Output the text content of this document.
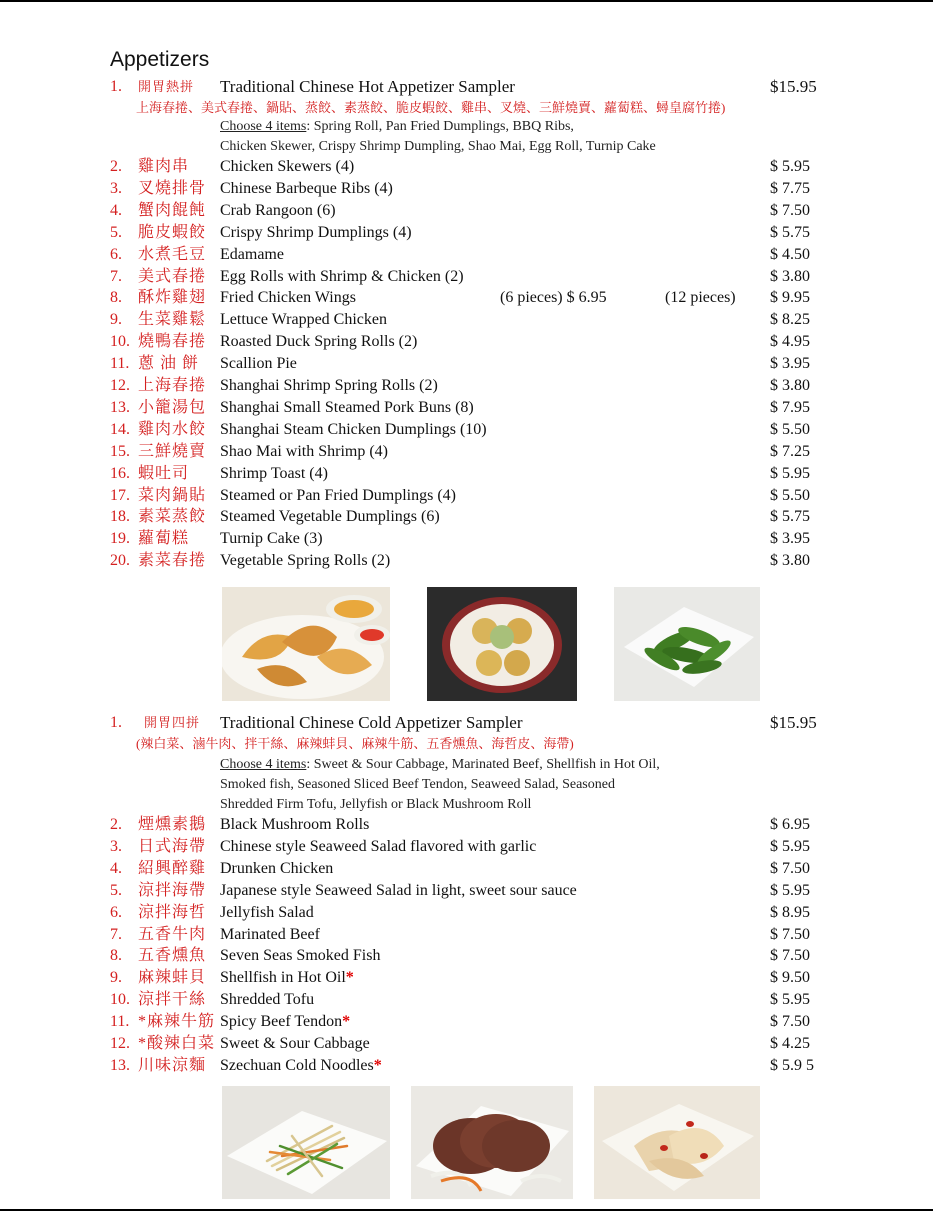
Appetizers
1. 開胃熱拼 Traditional Chinese Hot Appetizer Sampler	$15.95
上海春捲、美式春捲、鍋貼、蒸餃、素蒸餃、脆皮蝦餃、雞串、叉燒、三鮮燒賣、蘿蔔糕、蟳皇腐竹捲)
Choose 4 items: Spring Roll, Pan Fried Dumplings, BBQ Ribs,
Chicken Skewer, Crispy Shrimp Dumpling, Shao Mai, Egg Roll, Turnip Cake
2. 雞肉串 Chicken Skewers (4)	$ 5.95
3. 叉燒排骨 Chinese Barbeque Ribs (4)	$ 7.75
4. 蟹肉餛飩 Crab Rangoon (6)	$ 7.50
5. 脆皮蝦餃 Crispy Shrimp Dumplings (4)	$ 5.75
6. 水煮毛豆 Edamame	$ 4.50
7. 美式春捲 Egg Rolls with Shrimp & Chicken (2)	$ 3.80
8. 酥炸雞翅 Fried Chicken Wings	(6 pieces) $ 6.95	(12 pieces) $ 9.95
9. 生菜雞鬆 Lettuce Wrapped Chicken	$ 8.25
10. 燒鴨春捲 Roasted Duck Spring Rolls (2)	$ 4.95
11. 蔥 油 餅 Scallion Pie	$ 3.95
12. 上海春捲 Shanghai Shrimp Spring Rolls (2)	$ 3.80
13. 小籠湯包 Shanghai Small Steamed Pork Buns (8)	$ 7.95
14. 雞肉水餃 Shanghai Steam Chicken Dumplings (10)	$ 5.50
15. 三鮮燒賣 Shao Mai with Shrimp (4)	$ 7.25
16. 蝦吐司 Shrimp Toast (4)	$ 5.95
17. 菜肉鍋貼 Steamed or Pan Fried Dumplings (4)	$ 5.50
18. 素菜蒸餃 Steamed Vegetable Dumplings (6)	$ 5.75
19. 蘿蔔糕 Turnip Cake (3)	$ 3.95
20. 素菜春捲 Vegetable Spring Rolls (2)	$ 3.80
1. 開胃四拼 Traditional Chinese Cold Appetizer Sampler	$15.95
(辣白菜、滷牛肉、拌干絲、麻辣蚌貝、麻辣牛筋、五香燻魚、海哲皮、海帶)
Choose 4 items: Sweet & Sour Cabbage, Marinated Beef, Shellfish in Hot Oil,
Smoked fish, Seasoned Sliced Beef Tendon, Seaweed Salad, Seasoned
Shredded Firm Tofu, Jellyfish or Black Mushroom Roll
2. 煙燻素鵝 Black Mushroom Rolls	$ 6.95
3. 日式海帶 Chinese style Seaweed Salad flavored with garlic	$ 5.95
4. 紹興醉雞 Drunken Chicken	$ 7.50
5. 涼拌海帶 Japanese style Seaweed Salad in light, sweet sour sauce	$ 5.95
6. 涼拌海哲 Jellyfish Salad	$ 8.95
7. 五香牛肉 Marinated Beef	$ 7.50
8. 五香燻魚 Seven Seas Smoked Fish	$ 7.50
9. 麻辣蚌貝 Shellfish in Hot Oil*	$ 9.50
10. 涼拌干絲 Shredded Tofu	$ 5.95
11. *麻辣牛筋 Spicy Beef Tendon*	$ 7.50
12. *酸辣白菜 Sweet & Sour Cabbage	$ 4.25
13. 川味涼麵 Szechuan Cold Noodles*	$ 5.9 5
